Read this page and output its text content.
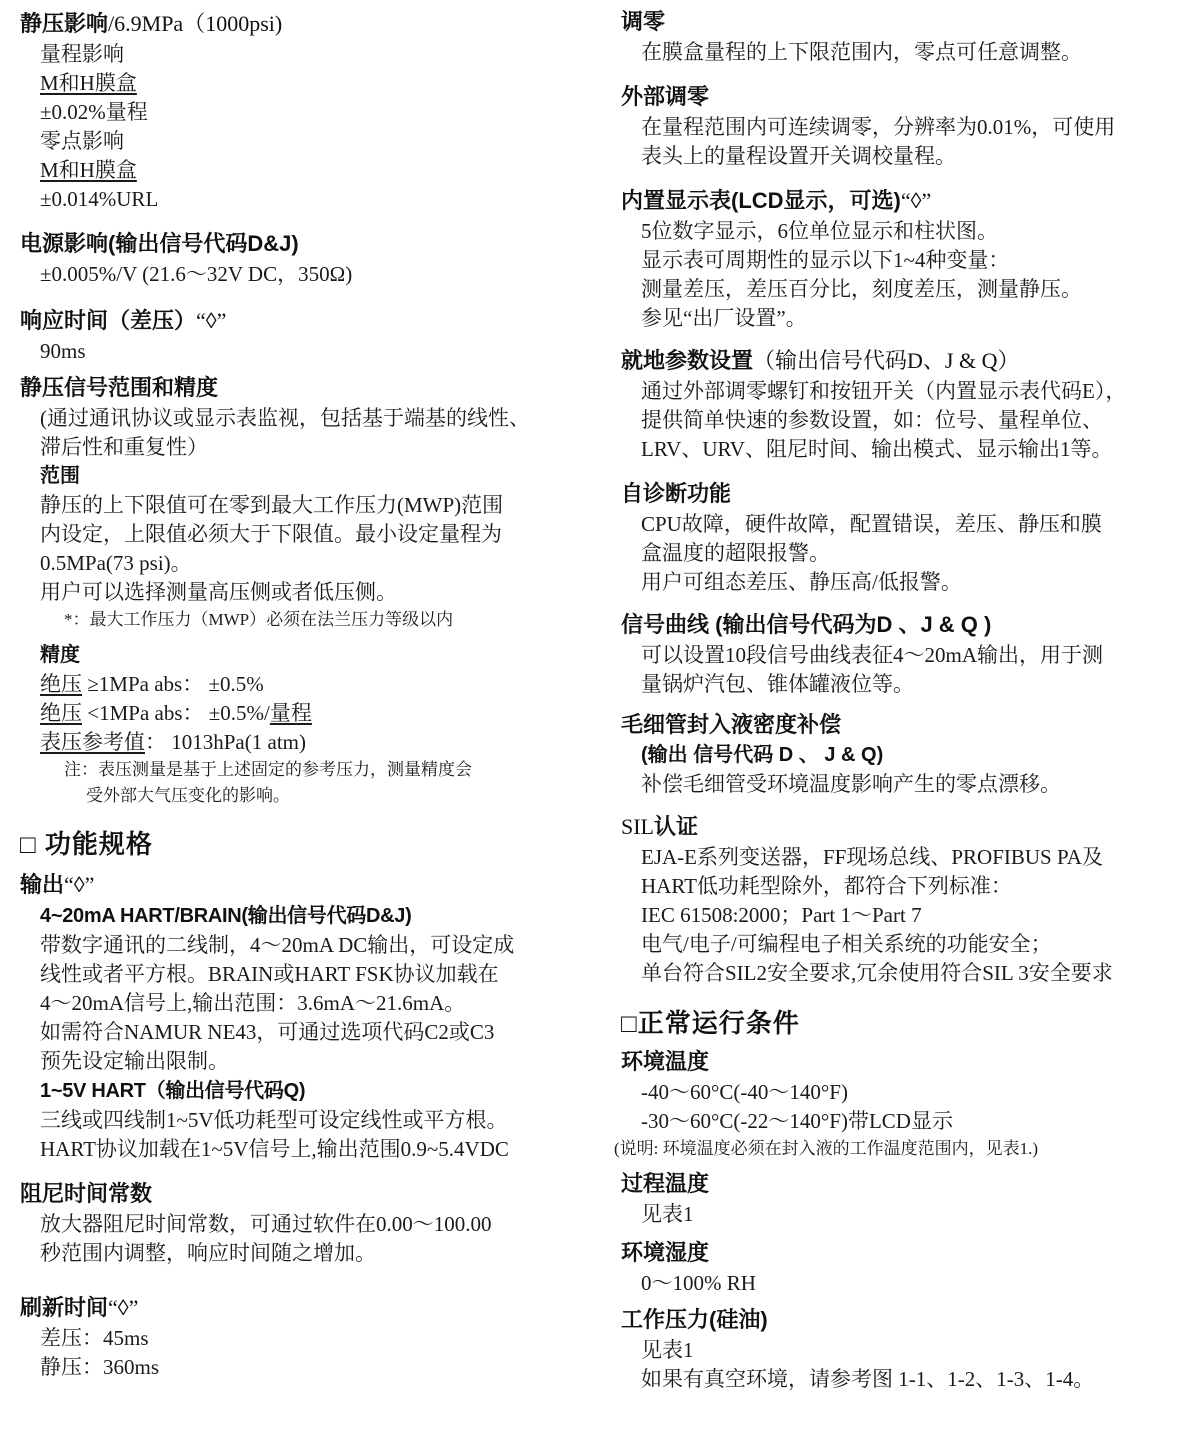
静压影响/6.9MPa（1000psi)
量程影响
M和H膜盒
±0.02%量程
零点影响
M和H膜盒
±0.014%URL
电源影响(输出信号代码D&J)
±0.005%/V (21.6～32V DC，350Ω)
响应时间（差压）“◊”
90ms
静压信号范围和精度
(通过通讯协议或显示表监视，包括基于端基的线性、
滞后性和重复性）
范围
静压的上下限值可在零到最大工作压力(MWP)范围
内设定，上限值必须大于下限值。最小设定量程为
0.5MPa(73 psi)。
用户可以选择测量高压侧或者低压侧。
*：最大工作压力（MWP）必须在法兰压力等级以内
精度
绝压 ≥1MPa abs： ±0.5%
绝压 <1MPa abs： ±0.5%/量程
表压参考值： 1013hPa(1 atm)
注：表压测量是基于上述固定的参考压力，测量精度会
受外部大气压变化的影响。
□ 功能规格
输出“◊”
4~20mA HART/BRAIN(输出信号代码D&J)
带数字通讯的二线制，4～20mA DC输出，可设定成
线性或者平方根。BRAIN或HART FSK协议加载在
4～20mA信号上,输出范围：3.6mA～21.6mA。
如需符合NAMUR NE43，可通过选项代码C2或C3
预先设定输出限制。
1~5V HART（输出信号代码Q)
三线或四线制1~5V低功耗型可设定线性或平方根。
HART协议加载在1~5V信号上,输出范围0.9~5.4VDC
阻尼时间常数
放大器阻尼时间常数，可通过软件在0.00～100.00
秒范围内调整，响应时间随之增加。
刷新时间“◊”
差压：45ms
静压：360ms
调零
在膜盒量程的上下限范围内，零点可任意调整。
外部调零
在量程范围内可连续调零，分辨率为0.01%，可使用
表头上的量程设置开关调校量程。
内置显示表(LCD显示，可选)“◊”
5位数字显示，6位单位显示和柱状图。
显示表可周期性的显示以下1~4种变量：
测量差压，差压百分比，刻度差压，测量静压。
参见“出厂设置”。
就地参数设置（输出信号代码D、J & Q）
通过外部调零螺钉和按钮开关（内置显示表代码E），
提供简单快速的参数设置，如：位号、量程单位、
LRV、URV、阻尼时间、输出模式、显示输出1等。
自诊断功能
CPU故障，硬件故障，配置错误，差压、静压和膜
盒温度的超限报警。
用户可组态差压、静压高/低报警。
信号曲线 (输出信号代码为D 、J & Q )
可以设置10段信号曲线表征4～20mA输出，用于测
量锅炉汽包、锥体罐液位等。
毛细管封入液密度补偿
(输出 信号代码 D 、 J & Q)
补偿毛细管受环境温度影响产生的零点漂移。
SIL认证
EJA-E系列变送器，FF现场总线、PROFIBUS PA及
HART低功耗型除外，都符合下列标准：
IEC 61508:2000；Part 1～Part 7
电气/电子/可编程电子相关系统的功能安全；
单台符合SIL2安全要求,冗余使用符合SIL 3安全要求
□正常运行条件
环境温度
-40～60°C(-40～140°F)
-30～60°C(-22～140°F)带LCD显示
(说明: 环境温度必须在封入液的工作温度范围内，见表1.)
过程温度
见表1
环境湿度
0～100% RH
工作压力(硅油)
见表1
如果有真空环境，请参考图 1-1、1-2、1-3、1-4。
